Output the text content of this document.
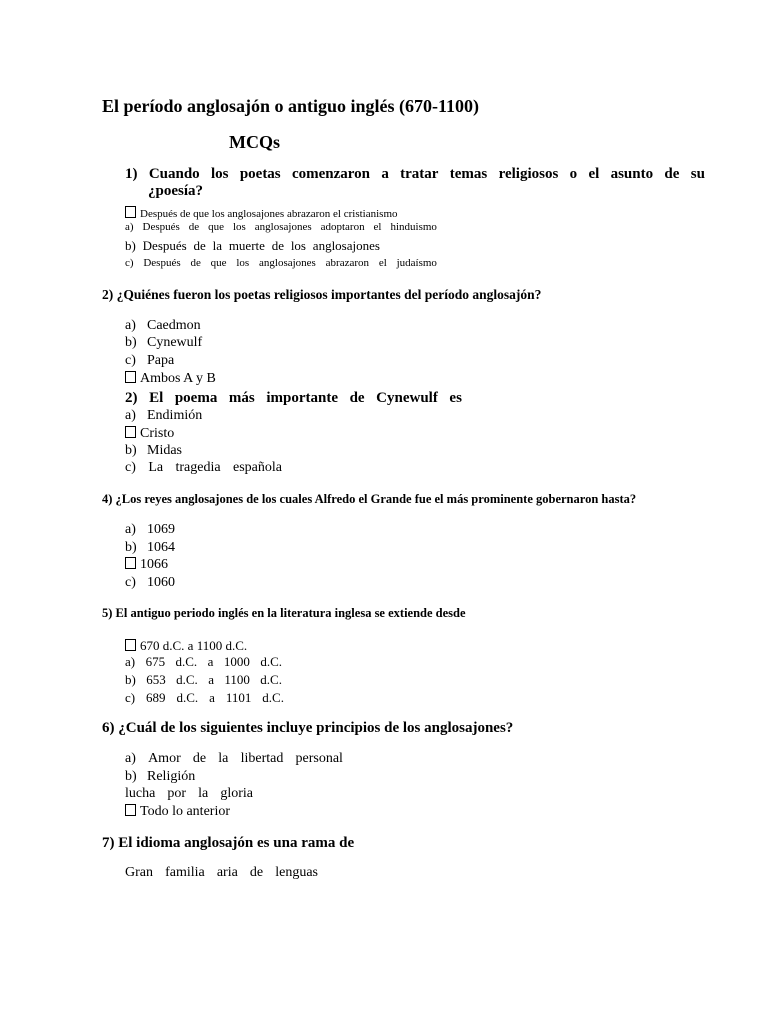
El período anglosajón o antiguo inglés (670-1100)
MCQs
1) Cuando los poetas comenzaron a tratar temas religiosos o el asunto de su
¿poesía?
Después de que los anglosajones abrazaron el cristianismo
a) Después de que los anglosajones adoptaron el hinduismo
b) Después de la muerte de los anglosajones
c) Después de que los anglosajones abrazaron el judaísmo
2) ¿Quiénes fueron los poetas religiosos importantes del período anglosajón?
a) Caedmon
b) Cynewulf
c) Papa
Ambos A y B
2) El poema más importante de Cynewulf es
a) Endimión
Cristo
b) Midas
c) La tragedia española
4) ¿Los reyes anglosajones de los cuales Alfredo el Grande fue el más prominente gobernaron hasta?
a) 1069
b) 1064
1066
c) 1060
5) El antiguo periodo inglés en la literatura inglesa se extiende desde
670 d.C. a 1100 d.C.
a) 675 d.C. a 1000 d.C.
b) 653 d.C. a 1100 d.C.
c) 689 d.C. a 1101 d.C.
6) ¿Cuál de los siguientes incluye principios de los anglosajones?
a) Amor de la libertad personal
b) Religión
lucha por la gloria
Todo lo anterior
7) El idioma anglosajón es una rama de
Gran familia aria de lenguas
